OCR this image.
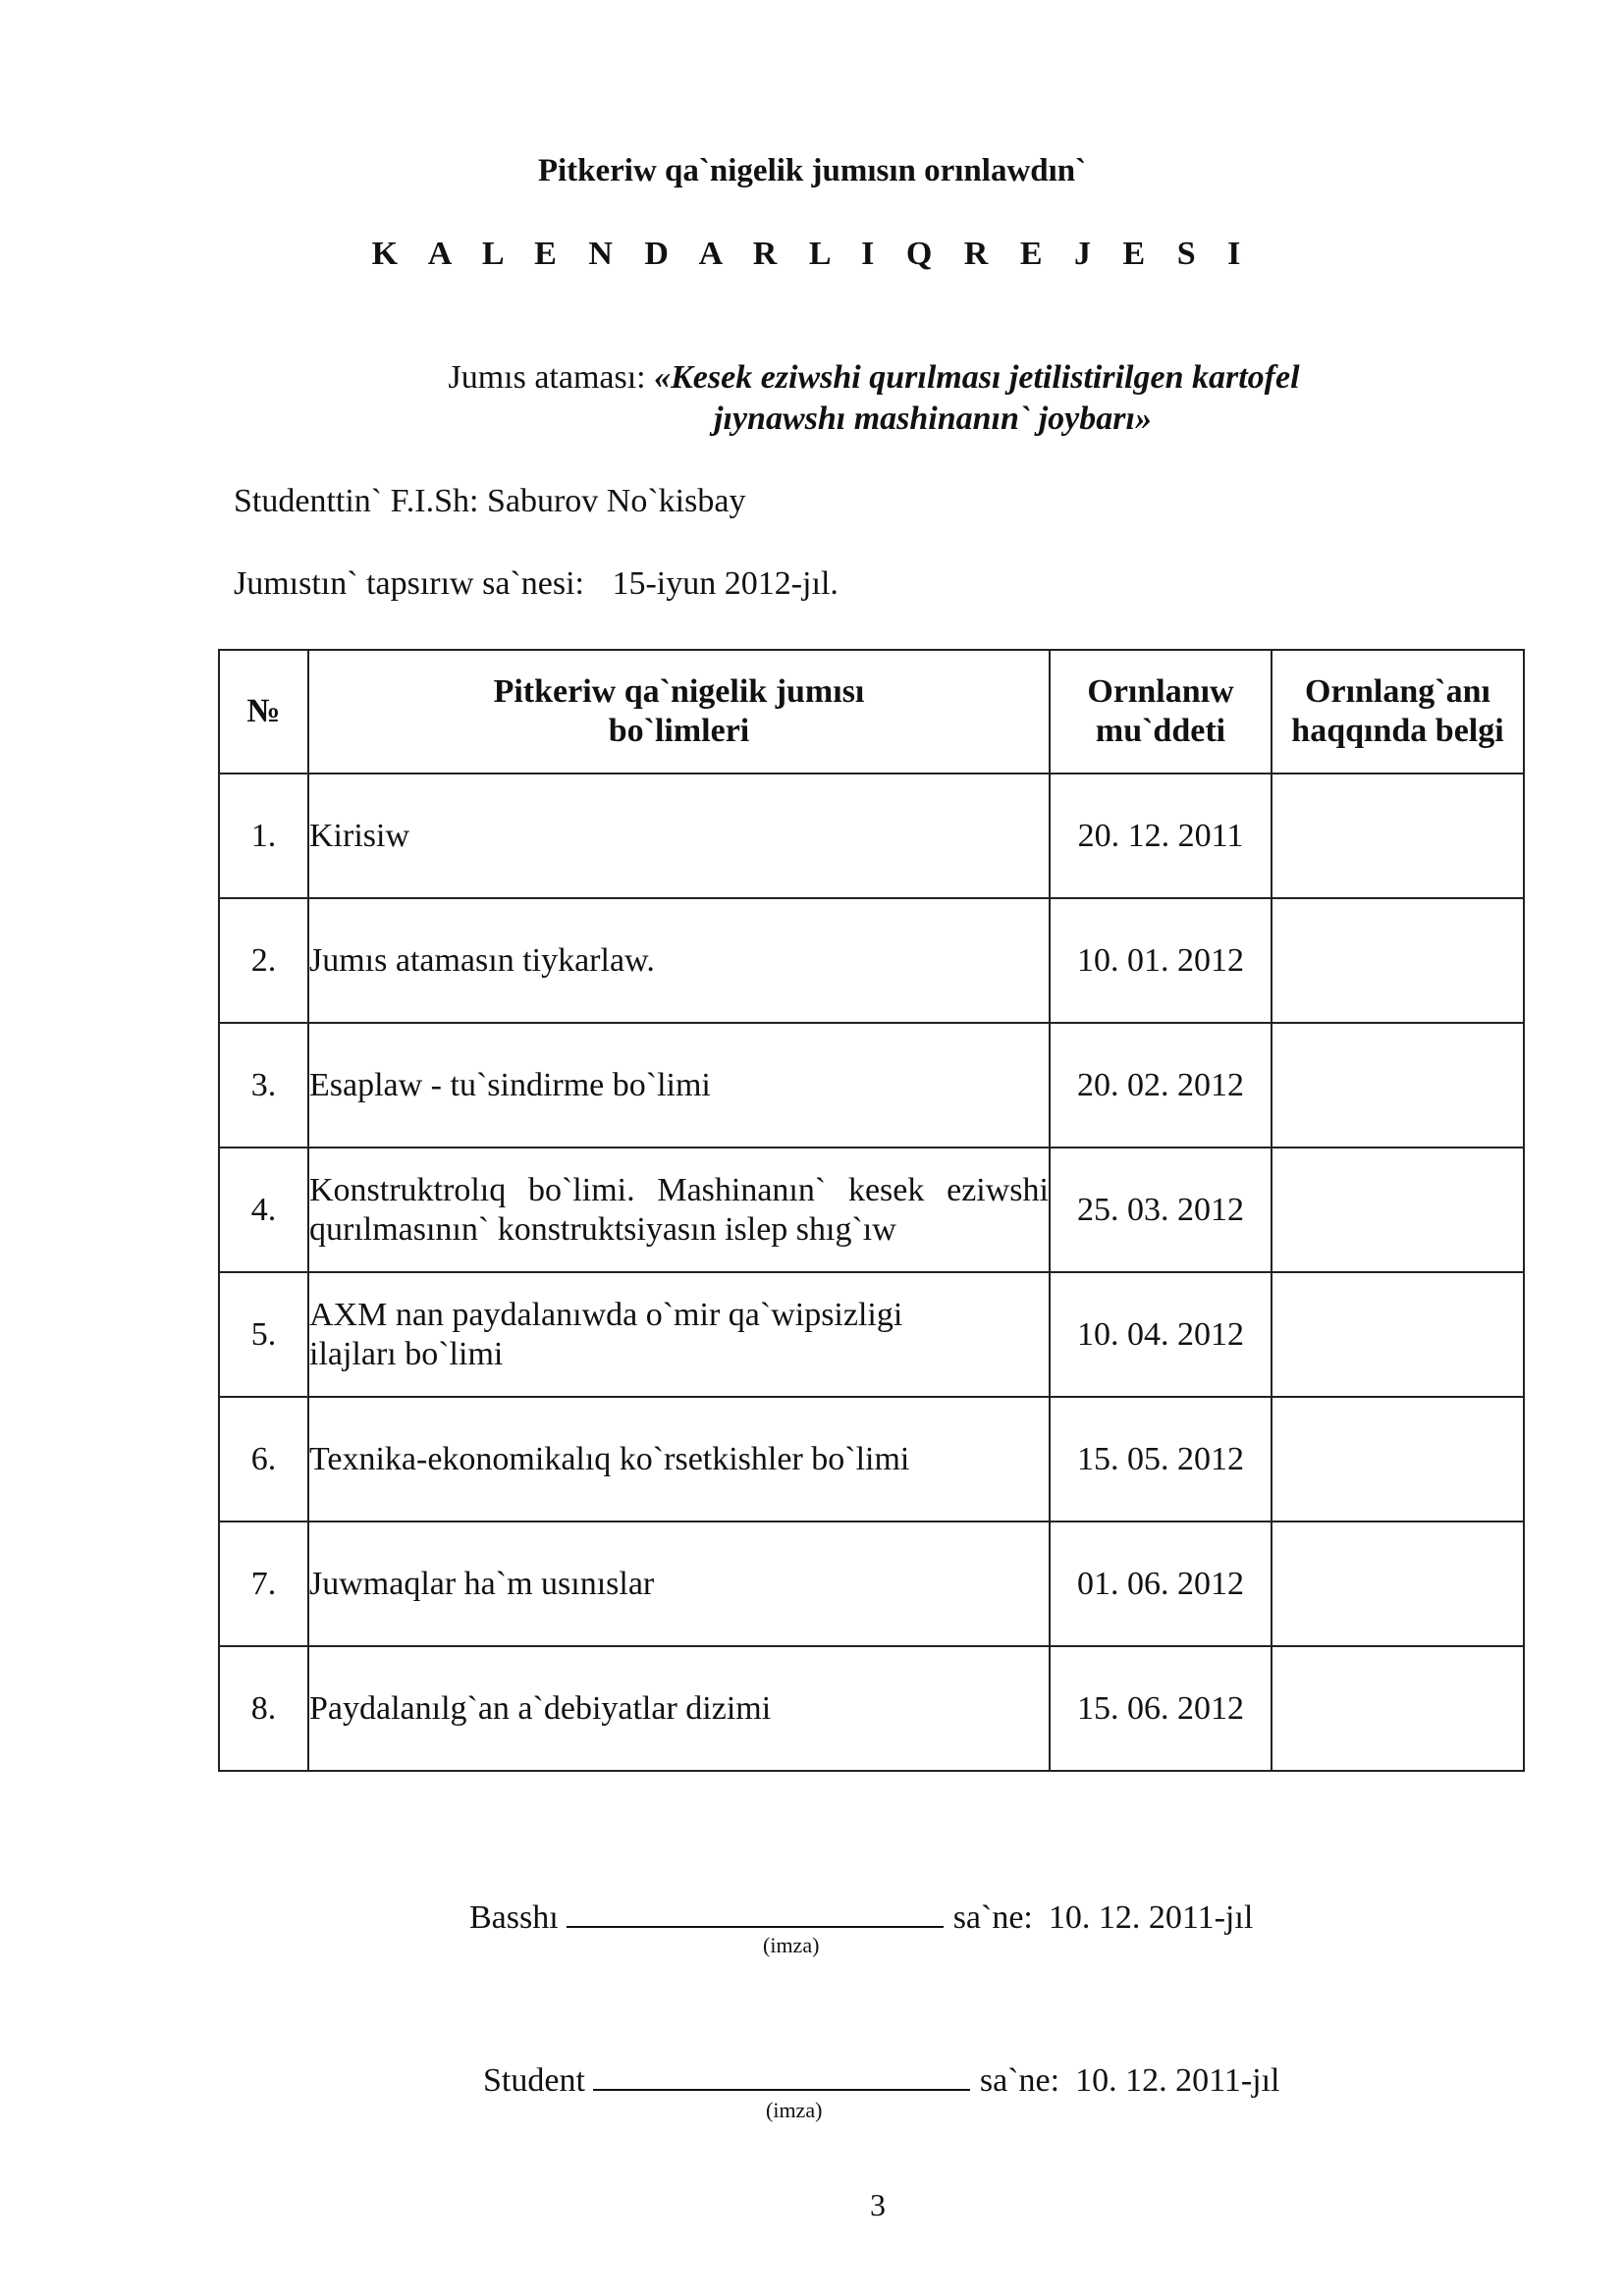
Pitkeriw qa`nigelik jumısın orınlawdın`
K A L E N D A R L I Q R E J E S I
Jumıs ataması: «Kesek eziwshi qurılması jetilistirilgen kartofel
jıynawshı mashinanın` joybarı»
Studenttin` F.I.Sh: Saburov No`kisbay
Jumıstın` tapsırıw sa`nesi: 15-iyun 2012-jıl.
№	Pitkeriw qa`nigelik jumısı bo`limleri	Orınlanıw mu`ddeti	Orınlang`anı haqqında belgi

1.	Kirisiw	20. 12. 2011	
2.	Jumıs atamasın tiykarlaw.	10. 01. 2012	
3.	Esaplaw - tu`sindirme bo`limi	20. 02. 2012	
4.	Konstruktrolıq bo`limi. Mashinanın` kesek eziwshi qurılmasının` konstruktsiyasın islep shıg`ıw	25. 03. 2012	
5.	AXM nan paydalanıwda o`mir qa`wipsizligi ilajları bo`limi	10. 04. 2012	
6.	Texnika-ekonomikalıq ko`rsetkishler bo`limi	15. 05. 2012	
7.	Juwmaqlar ha`m usınıslar	01. 06. 2012	
8.	Paydalanılg`an a`debiyatlar dizimi	15. 06. 2012	
Basshı	sa`ne: 10. 12. 2011-jıl
(imza)
Student	sa`ne: 10. 12. 2011-jıl
(imza)
3
